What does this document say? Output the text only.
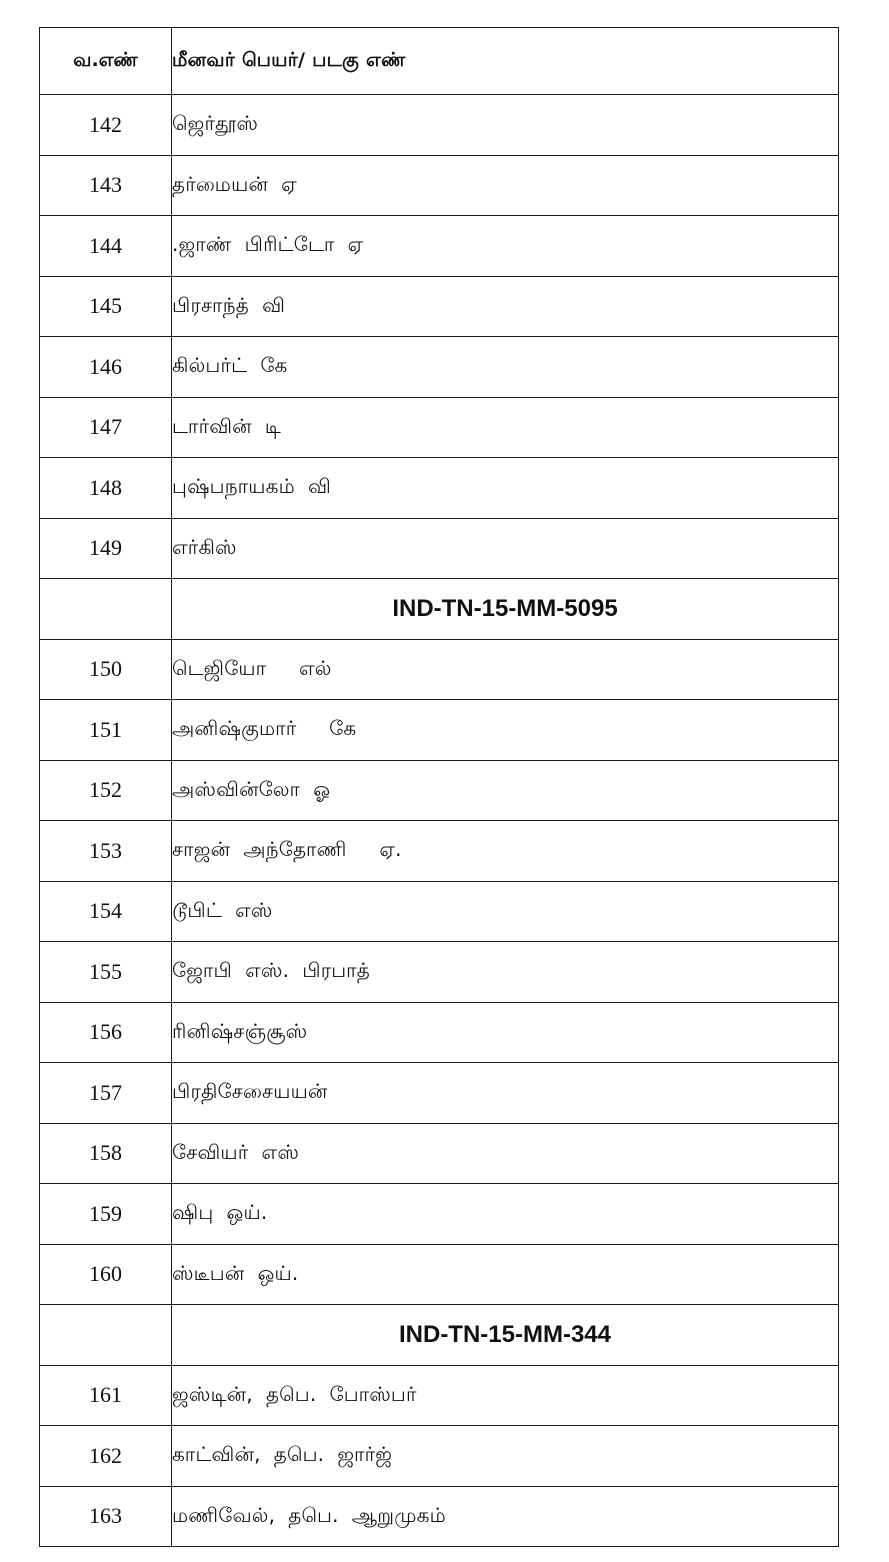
வ.எண்	மீனவர் பெயர்/ படகு எண்
142	ஜெர்தூஸ்
143	தர்மையன்  ஏ
144	.ஜாண்  பிரிட்டோ  ஏ
145	பிரசாந்த்  வி
146	கில்பர்ட்  கே
147	டார்வின்  டி
148	புஷ்பநாயகம்  வி
149	எர்கிஸ்
	IND-TN-15-MM-5095
150	டெஜியோ     எல்
151	அனிஷ்குமார்     கே
152	அஸ்வின்லோ  ஓ
153	சாஜன்  அந்தோணி     ஏ.
154	டூபிட்  எஸ்
155	ஜோபி  எஸ்.  பிரபாத்
156	ரினிஷ்சஞ்சூஸ்
157	பிரதிசேசையயன்
158	சேவியர்  எஸ்
159	ஷிபு  ஒய்.
160	ஸ்டீபன்  ஒய்.
	IND-TN-15-MM-344
161	ஜஸ்டின்,  தபெ.  போஸ்பர்
162	காட்வின்,  தபெ.  ஜார்ஜ்
163	மணிவேல்,  தபெ.  ஆறுமுகம்
